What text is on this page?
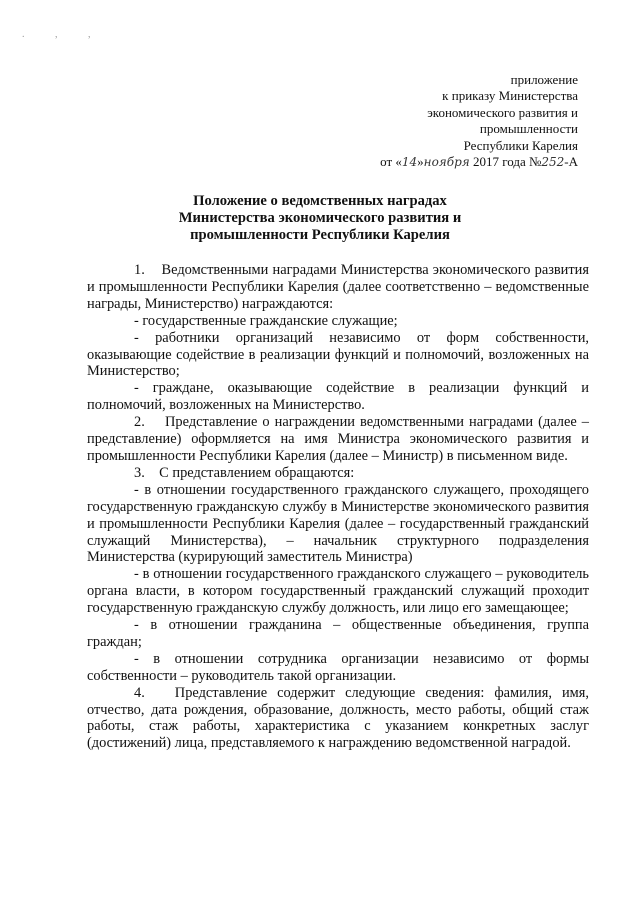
. , ,
приложение
к приказу Министерства
экономического развития и
промышленности
Республики Карелия
от «14»ноября 2017 года №252-А
Положение о ведомственных наградах
Министерства экономического развития и
промышленности Республики Карелия

1.    Ведомственными наградами Министерства экономического развития и промышленности Республики Карелия (далее соответственно – ведомственные награды, Министерство) награждаются:

- государственные гражданские служащие;

- работники организаций независимо от форм собственности, оказывающие содействие в реализации функций и полномочий, возложенных на Министерство;

- граждане, оказывающие содействие в реализации функций и полномочий, возложенных на Министерство.

2.    Представление о награждении ведомственными наградами (далее – представление) оформляется на имя Министра экономического развития и промышленности Республики Карелия (далее – Министр) в письменном виде.

3.    С представлением обращаются:

- в отношении государственного гражданского служащего, проходящего государственную гражданскую службу в Министерстве экономического развития и промышленности Республики Карелия (далее – государственный гражданский служащий Министерства), – начальник структурного подразделения Министерства (курирующий заместитель Министра)

- в отношении государственного гражданского служащего – руководитель органа власти, в котором государственный гражданский служащий проходит государственную гражданскую службу должность, или лицо его замещающее;

- в отношении гражданина – общественные объединения, группа граждан;

- в отношении сотрудника организации независимо от формы собственности – руководитель такой организации.

4.   Представление содержит следующие сведения: фамилия, имя, отчество, дата рождения, образование, должность, место работы, общий стаж работы, стаж работы, характеристика с указанием конкретных заслуг (достижений) лица, представляемого к награждению ведомственной наградой.
